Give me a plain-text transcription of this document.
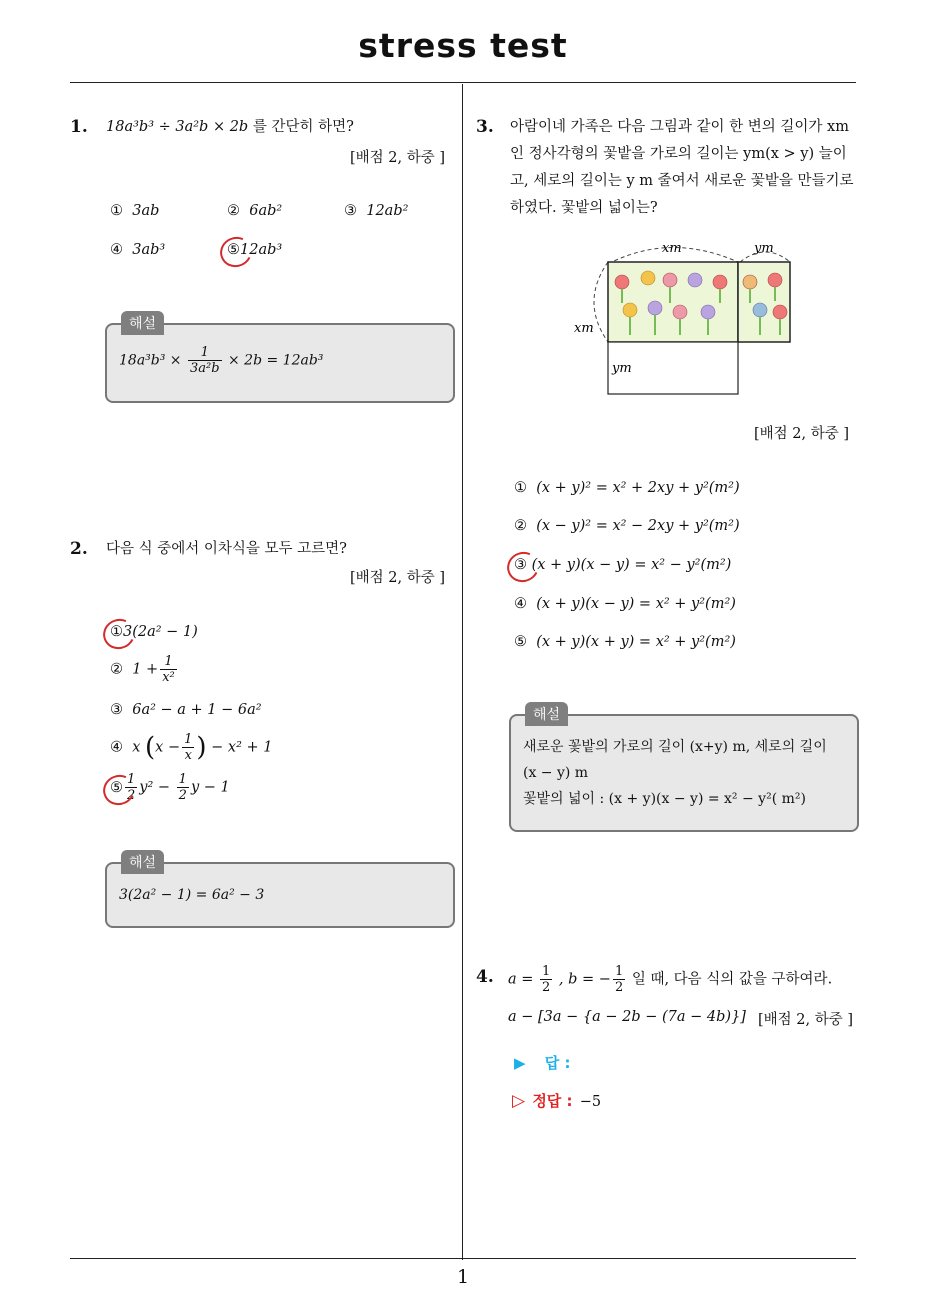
stress test
1
1. 18a³b³ ÷ 3a²b × 2b 를 간단히 하면?
[배점 2, 하중 ]
① 3ab	② 6ab²	③ 12ab²
④ 3ab³	⑤12ab³
해설
$18a^3b^3 \times \frac{1}{\text{3a²b}} \times 2b = 12ab^3$
2. 다음 식 중에서 이차식을 모두 고르면?
[배점 2, 하중 ]
①3(2a² − 1)
② $1 + \frac{1}{\text{x²}}$
③ 6a² − a + 1 − 6a²
④ x ($x - \frac{1}{x}$ ) − x² + 1
⑤ $\frac{1}{2} y^2 - \frac{1}{2}$ y − 1
해설
3(2a² − 1) = 6a² − 3
3. 아람이네 가족은 다음 그림과 같이 한 변의 길이가 xm
인 정사각형의 꽃밭을 가로의 길이는 ym(x > y) 늘이
고, 세로의 길이는 y m 줄여서 새로운 꽃밭을 만들기로
하였다. 꽃밭의 넓이는?
xm	ym
xm
ym
[배점 2, 하중 ]
① (x + y)² = x² + 2xy + y²(m²)
② (x − y)² = x² − 2xy + y²(m²)
③ (x + y)(x − y) = x² − y²(m²)
④ (x + y)(x − y) = x² + y²(m²)
⑤ (x + y)(x + y) = x² + y²(m²)
해설
새로운 꽃밭의 가로의 길이 (x+y) m, 세로의 길이
(x − y) m
꽃밭의 넓이 : (x + y)(x − y) = x² − y²( m²)
4. $a = \frac{1}{2}$ , b = − $\frac{1}{2}$ 일 때, 다음 식의 값을 구하여라.
a − [3a − {a − 2b − (7a − 4b)}] [배점 2, 하중 ]
▶ 답 :
▷ 정답 : −5
